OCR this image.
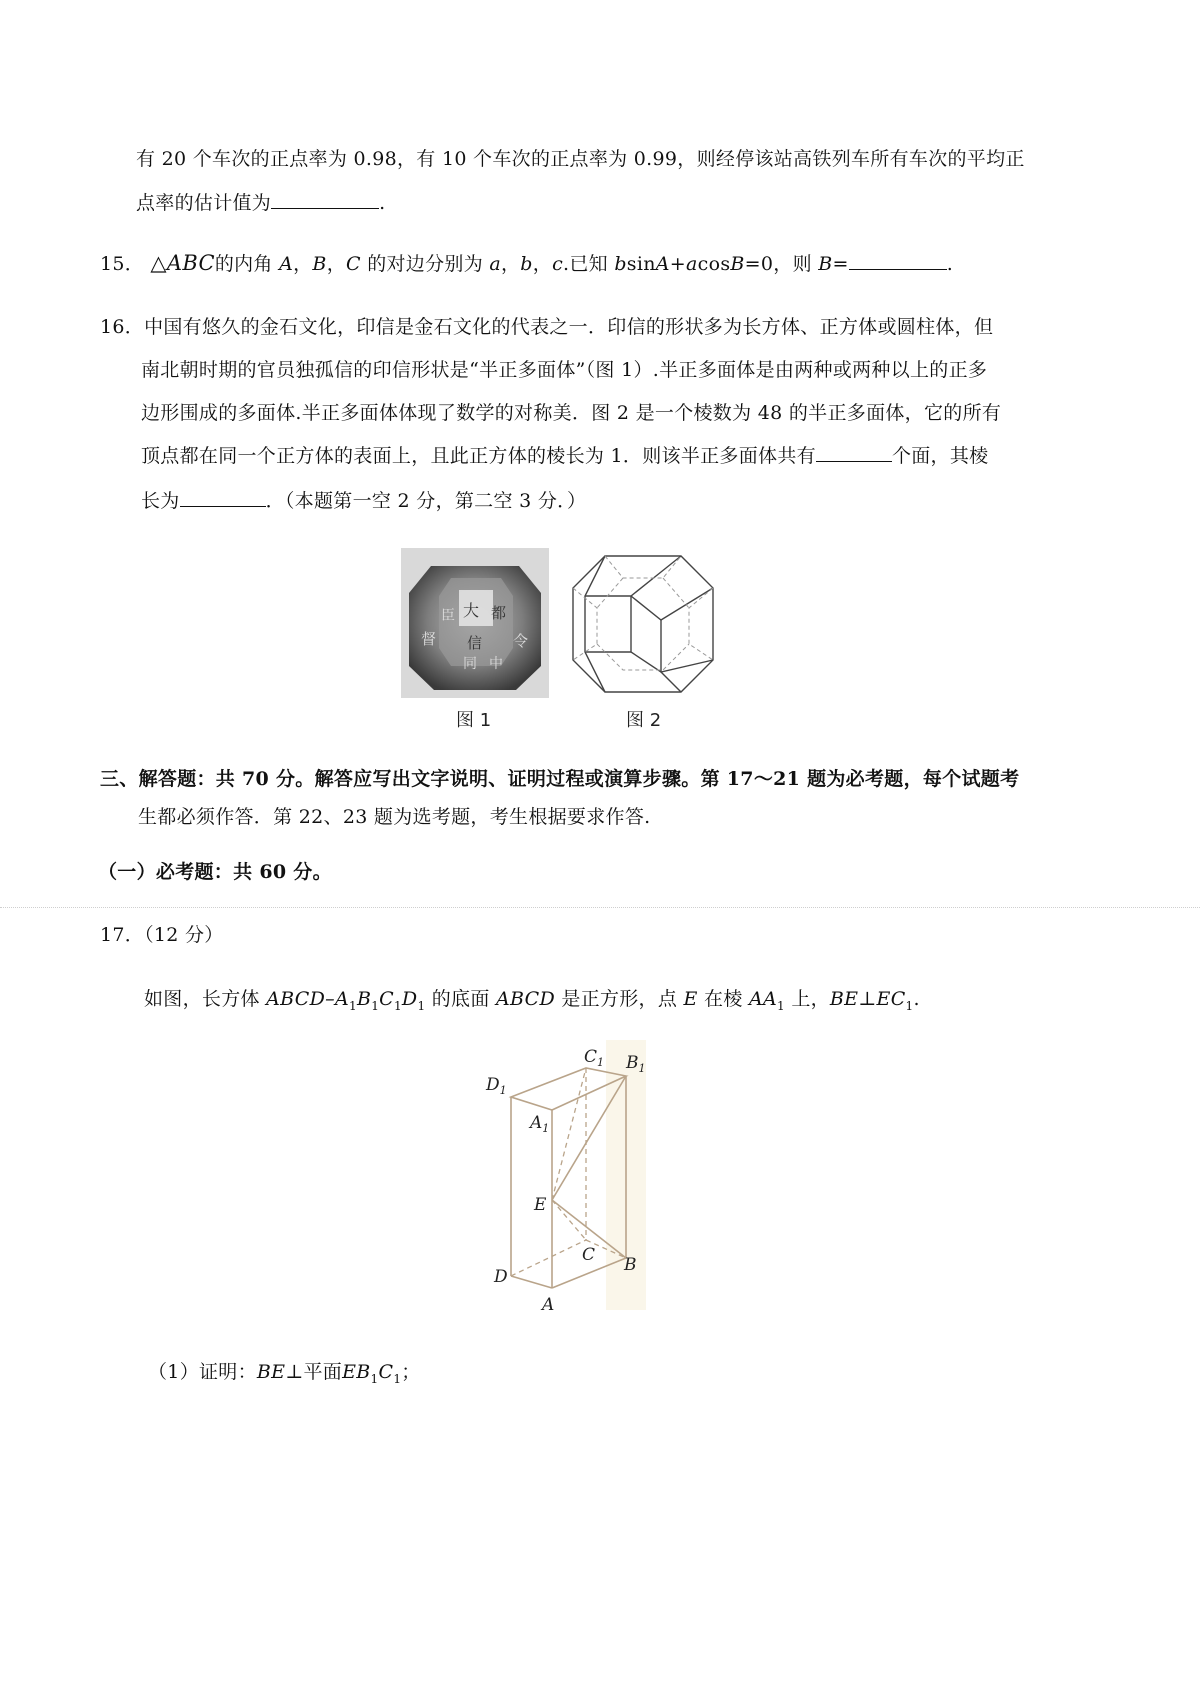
有 20 个车次的正点率为 0.98，有 10 个车次的正点率为 0.99，则经停该站高铁列车所有车次的平均正
点率的估计值为	.
15． △ABC的内角 A，B，C 的对边分别为 a，b，c.已知 bsinA+acosB=0，则 B=	.
16．中国有悠久的金石文化，印信是金石文化的代表之一．印信的形状多为长方体、正方体或圆柱体，但
南北朝时期的官员独孤信的印信形状是“半正多面体”（图 1）.半正多面体是由两种或两种以上的正多
边形围成的多面体.半正多面体体现了数学的对称美．图 2 是一个棱数为 48 的半正多面体，它的所有
顶点都在同一个正方体的表面上，且此正方体的棱长为 1．则该半正多面体共有	个面，其棱
长为	．（本题第一空 2 分，第二空 3 分．）
大 都
督 信 令
同 中
臣
图 1	图 2
三、解答题：共 70 分。解答应写出文字说明、证明过程或演算步骤。第 17～21 题为必考题，每个试题考
生都必须作答．第 22、23 题为选考题，考生根据要求作答.
（一）必考题：共 60 分。
17．（12 分）
如图，长方体 ABCD–$A_1B_1C_1D_1$ 的底面 ABCD 是正方形，点 E 在棱 $AA_1$ 上，$BE\perp EC_1$.
$C_1$
$D_1$
$B_1$
$A_1$
E
C B
D
A
（1）证明：BE⊥平面$EB_1C_1$；
